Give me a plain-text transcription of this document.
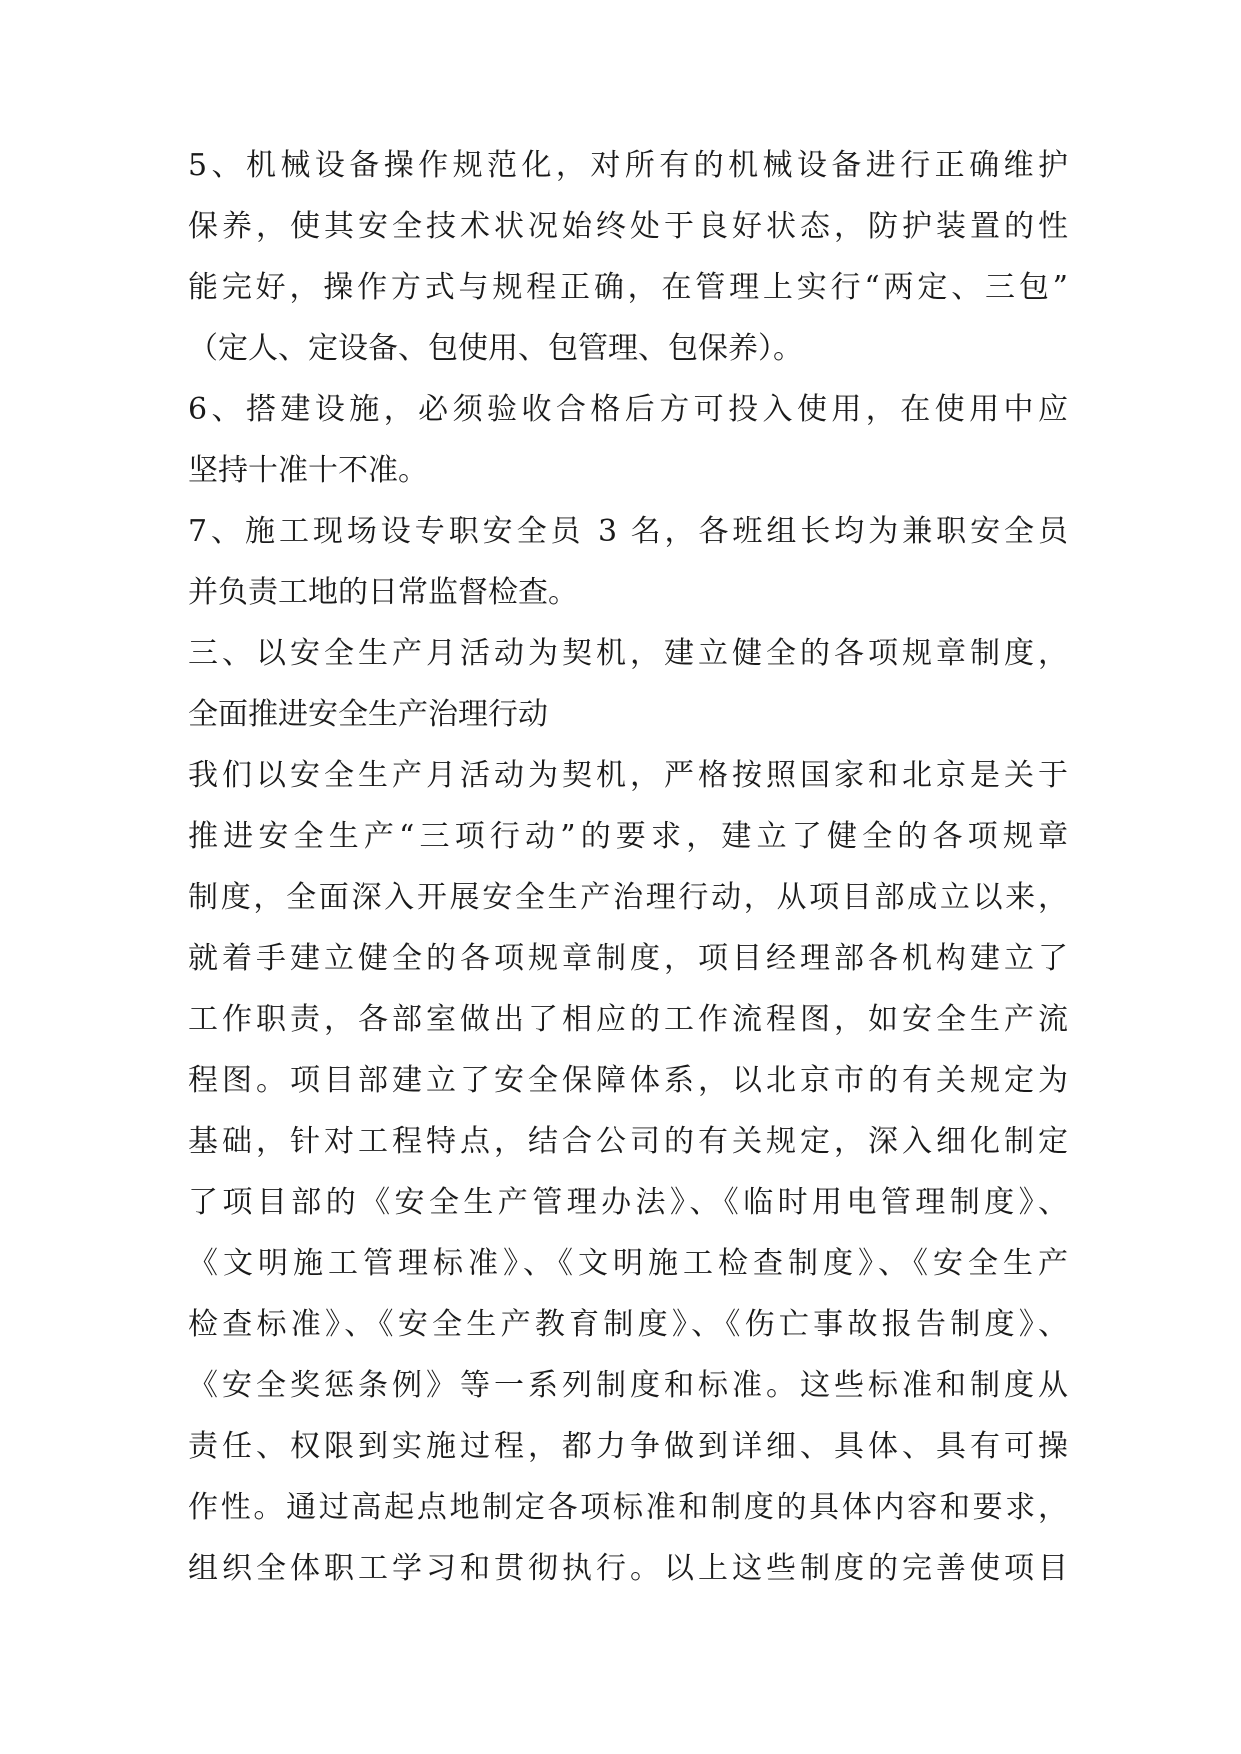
5、机械设备操作规范化，对所有的机械设备进行正确维护
保养，使其安全技术状况始终处于良好状态，防护装置的性
能完好，操作方式与规程正确，在管理上实行“两定、三包”
（定人、定设备、包使用、包管理、包保养）。
6、搭建设施，必须验收合格后方可投入使用，在使用中应
坚持十准十不准。
7、施工现场设专职安全员 3 名，各班组长均为兼职安全员
并负责工地的日常监督检查。
三、以安全生产月活动为契机，建立健全的各项规章制度，
全面推进安全生产治理行动
我们以安全生产月活动为契机，严格按照国家和北京是关于
推进安全生产“三项行动”的要求，建立了健全的各项规章
制度，全面深入开展安全生产治理行动，从项目部成立以来，
就着手建立健全的各项规章制度，项目经理部各机构建立了
工作职责，各部室做出了相应的工作流程图，如安全生产流
程图。项目部建立了安全保障体系，以北京市的有关规定为
基础，针对工程特点，结合公司的有关规定，深入细化制定
了项目部的《安全生产管理办法》、《临时用电管理制度》、
《文明施工管理标准》、《文明施工检查制度》、《安全生产
检查标准》、《安全生产教育制度》、《伤亡事故报告制度》、
《安全奖惩条例》等一系列制度和标准。这些标准和制度从
责任、权限到实施过程，都力争做到详细、具体、具有可操
作性。通过高起点地制定各项标准和制度的具体内容和要求，
组织全体职工学习和贯彻执行。以上这些制度的完善使项目
